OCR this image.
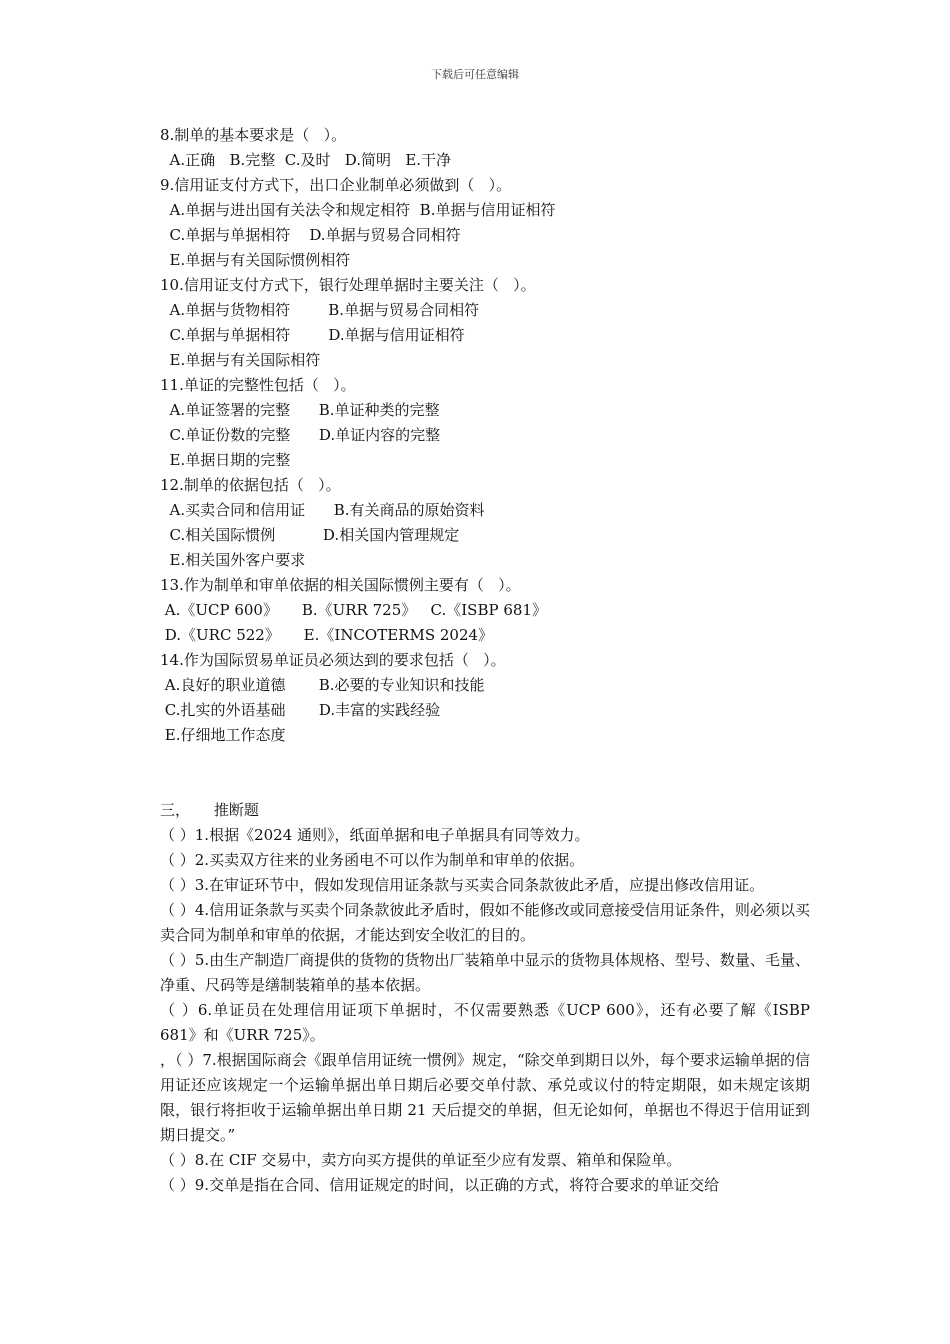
下载后可任意编辑
8.制单的基本要求是（   ）。
A.正确   B.完整  C.及时   D.简明   E.干净
9.信用证支付方式下，出口企业制单必须做到（   ）。
A.单据与进出国有关法令和规定相符  B.单据与信用证相符
C.单据与单据相符    D.单据与贸易合同相符
E.单据与有关国际惯例相符
10.信用证支付方式下，银行处理单据时主要关注（   ）。
A.单据与货物相符        B.单据与贸易合同相符
C.单据与单据相符        D.单据与信用证相符
E.单据与有关国际相符
11.单证的完整性包括（   ）。
A.单证签署的完整      B.单证种类的完整
C.单证份数的完整      D.单证内容的完整
E.单据日期的完整
12.制单的依据包括（   ）。
A.买卖合同和信用证      B.有关商品的原始资料
C.相关国际惯例          D.相关国内管理规定
E.相关国外客户要求
13.作为制单和审单依据的相关国际惯例主要有（   ）。
A.《UCP 600》     B.《URR 725》   C.《ISBP 681》
D.《URC 522》     E.《INCOTERMS 2024》
14.作为国际贸易单证员必须达到的要求包括（   ）。
A.良好的职业道德       B.必要的专业知识和技能
C.扎实的外语基础       D.丰富的实践经验
E.仔细地工作态度
三，     推断题
（ ）1.根据《2024 通则》，纸面单据和电子单据具有同等效力。
（ ）2.买卖双方往来的业务函电不可以作为制单和审单的依据。
（ ）3.在审证环节中，假如发现信用证条款与买卖合同条款彼此矛盾，应提出修改信用证。
（ ）4.信用证条款与买卖个同条款彼此矛盾时，假如不能修改或同意接受信用证条件，则必须以买卖合同为制单和审单的依据，才能达到安全收汇的目的。
（ ）5.由生产制造厂商提供的货物的货物出厂装箱单中显示的货物具体规格、型号、数量、毛量、净重、尺码等是缮制装箱单的基本依据。
（ ）6.单证员在处理信用证项下单据时，不仅需要熟悉《UCP 600》，还有必要了解《ISBP 681》和《URR 725》。
，（ ）7.根据国际商会《跟单信用证统一惯例》规定，“除交单到期日以外，每个要求运输单据的信用证还应该规定一个运输单据出单日期后必要交单付款、承兑或议付的特定期限，如未规定该期限，银行将拒收于运输单据出单日期 21 天后提交的单据，但无论如何，单据也不得迟于信用证到期日提交。”
（ ）8.在 CIF 交易中，卖方向买方提供的单证至少应有发票、箱单和保险单。
（ ）9.交单是指在合同、信用证规定的时间，以正确的方式，将符合要求的单证交给
